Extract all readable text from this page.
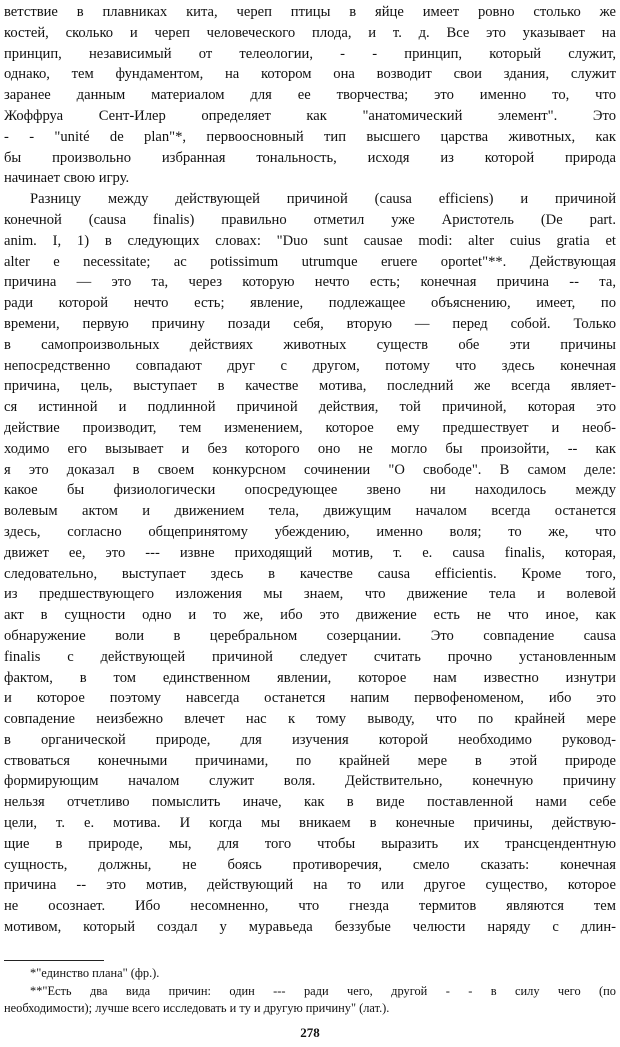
ветствие в плавниках кита, череп птицы в яйце имеет ровно столько же
костей, сколько и череп человеческого плода, и т. д. Все это указывает на
принцип, независимый от телеологии, - - принцип, который служит,
однако, тем фундаментом, на котором она возводит свои здания, служит
заранее данным материалом для ее творчества; это именно то, что
Жоффруа Сент-Илер определяет как "анатомический элемент". Это
- - "unité de plan"*, первоосновный тип высшего царства животных, как
бы произвольно избранная тональность, исходя из которой природа
начинает свою игру.
Разницу между действующей причиной (causa efficiens) и причиной
конечной (causa finalis) правильно отметил уже Аристотель (De part.
anim. I, 1) в следующих словах: "Duo sunt causae modi: alter cuius gratia et
alter e necessitate; ac potissimum utrumque eruere oportet"**. Действующая
причина — это та, через которую нечто есть; конечная причина -- та,
ради которой нечто есть; явление, подлежащее объяснению, имеет, по
времени, первую причину позади себя, вторую — перед собой. Только
в самопроизвольных действиях животных существ обе эти причины
непосредственно совпадают друг с другом, потому что здесь конечная
причина, цель, выступает в качестве мотива, последний же всегда являет-
ся истинной и подлинной причиной действия, той причиной, которая это
действие производит, тем изменением, которое ему предшествует и необ-
ходимо его вызывает и без которого оно не могло бы произойти, -- как
я это доказал в своем конкурсном сочинении "О свободе". В самом деле:
какое бы физиологически опосредующее звено ни находилось между
волевым актом и движением тела, движущим началом всегда останется
здесь, согласно общепринятому убеждению, именно воля; то же, что
движет ее, это --- извне приходящий мотив, т. е. causa finalis, которая,
следовательно, выступает здесь в качестве causa efficientis. Кроме того,
из предшествующего изложения мы знаем, что движение тела и волевой
акт в сущности одно и то же, ибо это движение есть не что иное, как
обнаружение воли в церебральном созерцании. Это совпадение causa
finalis с действующей причиной следует считать прочно установленным
фактом, в том единственном явлении, которое нам известно изнутри
и которое поэтому навсегда останется напим первофеноменом, ибо это
совпадение неизбежно влечет нас к тому выводу, что по крайней мере
в органической природе, для изучения которой необходимо руковод-
ствоваться конечными причинами, по крайней мере в этой природе
формирующим началом служит воля. Действительно, конечную причину
нельзя отчетливо помыслить иначе, как в виде поставленной нами себе
цели, т. е. мотива. И когда мы вникаем в конечные причины, действую-
щие в природе, мы, для того чтобы выразить их трансцендентную
сущность, должны, не боясь противоречия, смело сказать: конечная
причина -- это мотив, действующий на то или другое существо, которое
не осознает. Ибо несомненно, что гнезда термитов являются тем
мотивом, который создал у муравьеда беззубые челюсти наряду с длин-
*"единство плана" (фр.).
**"Есть два вида причин: один --- ради чего, другой - - в силу чего (по
необходимости); лучше всего исследовать и ту и другую причину" (лат.).
278
